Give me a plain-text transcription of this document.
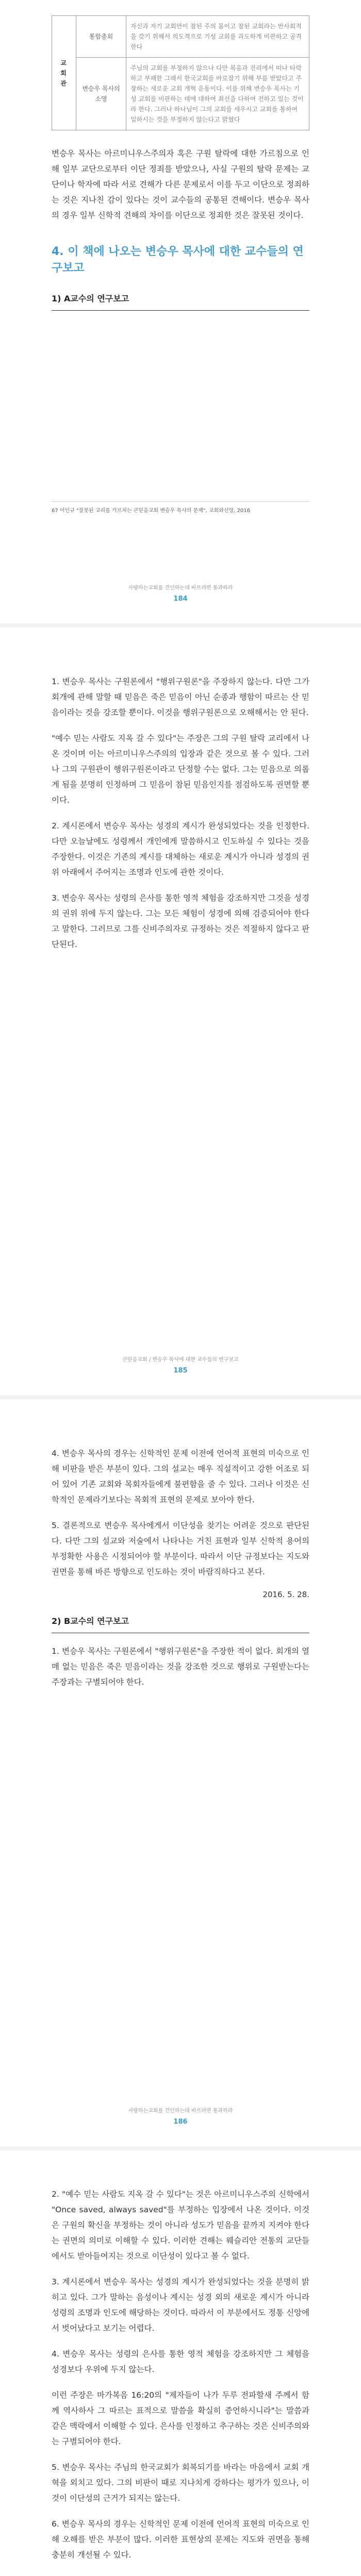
교 회 관	통합총회	자신과 자기 교회만이 참된 주의 몸이고 참된 교회라는 반사회적을 갖기 위해서 의도적으로 기성 교회를 과도하게 비판하고 공격한다
	변승우 목사의 소명	주님의 교회를 부정하지 않으나 다만 복음과 진리에서 떠나 타락하고 부패한 그래서 한국교회를 바로잡기 위해 부름 받았다고 주장하는 새로운 교회 개혁 운동이다. 이를 위해 변승우 목사는 기성 교회를 비판하는 데에 대하여 최선을 다하여 전하고 있는 것이라 한다. 그러나 하나님이 그의 교회를 세우시고 교회를 통하여 일하시는 것을 부정하지 않는다고 밝혔다

변승우 목사는 아르미니우스주의자 혹은 구원 탈락에 대한 가르침으로 인해 일부 교단으로부터 이단 정죄를 받았으나, 사실 구원의 탈락 문제는 교단이나 학자에 따라 서로 견해가 다른 문제로서 이를 두고 이단으로 정죄하는 것은 지나친 감이 있다는 것이 교수들의 공통된 견해이다. 변승우 목사의 경우 일부 신학적 견해의 차이를 이단으로 정죄한 것은 잘못된 것이다.

4. 이 책에 나오는 변승우 목사에 대한 교수들의 연구보고
1) A교수의 연구보고
67 이인규 "잘못된 교리를 가르치는 큰믿음교회 변승우 목사의 문제", 교회와신앙, 2016
사랑하는교회를 견인하는데 바르려면 통과하라
184

1. 변승우 목사는 구원론에서 "행위구원론"을 주장하지 않는다. 다만 그가 회개에 관해 말할 때 믿음은 죽은 믿음이 아닌 순종과 행함이 따르는 산 믿음이라는 것을 강조할 뿐이다. 이것을 행위구원론으로 오해해서는 안 된다.

"예수 믿는 사람도 지옥 갈 수 있다"는 주장은 그의 구원 탈락 교리에서 나온 것이며 이는 아르미니우스주의의 입장과 같은 것으로 볼 수 있다. 그러나 그의 구원관이 행위구원론이라고 단정할 수는 없다. 그는 믿음으로 의롭게 됨을 분명히 인정하며 그 믿음이 참된 믿음인지를 점검하도록 권면할 뿐이다.

2. 계시론에서 변승우 목사는 성경의 계시가 완성되었다는 것을 인정한다. 다만 오늘날에도 성령께서 개인에게 말씀하시고 인도하실 수 있다는 것을 주장한다. 이것은 기존의 계시를 대체하는 새로운 계시가 아니라 성경의 권위 아래에서 주어지는 조명과 인도에 관한 것이다.

3. 변승우 목사는 성령의 은사를 통한 영적 체험을 강조하지만 그것을 성경의 권위 위에 두지 않는다. 그는 모든 체험이 성경에 의해 검증되어야 한다고 말한다. 그러므로 그를 신비주의자로 규정하는 것은 적절하지 않다고 판단된다.

큰믿음교회 / 변승우 목사에 대한 교수들의 연구보고
185

4. 변승우 목사의 경우는 신학적인 문제 이전에 언어적 표현의 미숙으로 인해 비판을 받은 부분이 있다. 그의 설교는 매우 직설적이고 강한 어조로 되어 있어 기존 교회와 목회자들에게 불편함을 줄 수 있다. 그러나 이것은 신학적인 문제라기보다는 목회적 표현의 문제로 보아야 한다.

5. 결론적으로 변승우 목사에게서 이단성을 찾기는 어려운 것으로 판단된다. 다만 그의 설교와 저술에서 나타나는 거친 표현과 일부 신학적 용어의 부정확한 사용은 시정되어야 할 부분이다. 따라서 이단 규정보다는 지도와 권면을 통해 바른 방향으로 인도하는 것이 바람직하다고 본다.

2016. 5. 28.
2) B교수의 연구보고

1. 변승우 목사는 구원론에서 "행위구원론"을 주장한 적이 없다. 회개의 열매 없는 믿음은 죽은 믿음이라는 것을 강조한 것으로 행위로 구원받는다는 주장과는 구별되어야 한다.

사랑하는교회를 견인하는데 바르려면 통과하라
186

2. "예수 믿는 사람도 지옥 갈 수 있다"는 것은 아르미니우스주의 신학에서 "Once saved, always saved"를 부정하는 입장에서 나온 것이다. 이것은 구원의 확신을 부정하는 것이 아니라 성도가 믿음을 끝까지 지켜야 한다는 권면의 의미로 이해할 수 있다. 이러한 견해는 웨슬리안 전통의 교단들에서도 받아들여지는 것으로 이단성이 있다고 볼 수 없다.

3. 계시론에서 변승우 목사는 성경의 계시가 완성되었다는 것을 분명히 밝히고 있다. 그가 말하는 음성이나 계시는 성경 외의 새로운 계시가 아니라 성령의 조명과 인도에 해당하는 것이다. 따라서 이 부분에서도 정통 신앙에서 벗어났다고 보기는 어렵다.

4. 변승우 목사는 성령의 은사를 통한 영적 체험을 강조하지만 그 체험을 성경보다 우위에 두지 않는다.

이런 주장은 마가복음 16:20의 "제자들이 나가 두루 전파할새 주께서 함께 역사하사 그 따르는 표적으로 말씀을 확실히 증언하시니라"는 말씀과 같은 맥락에서 이해할 수 있다. 은사를 인정하고 추구하는 것은 신비주의와는 구별되어야 한다.

5. 변승우 목사는 주님의 한국교회가 회복되기를 바라는 마음에서 교회 개혁을 외치고 있다. 그의 비판이 때로 지나치게 강하다는 평가가 있으나, 이것이 이단성의 근거가 되지는 않는다.

6. 변승우 목사의 경우는 신학적인 문제 이전에 언어적 표현의 미숙으로 인해 오해를 받은 부분이 많다. 이러한 표현상의 문제는 지도와 권면을 통해 충분히 개선될 수 있다.
